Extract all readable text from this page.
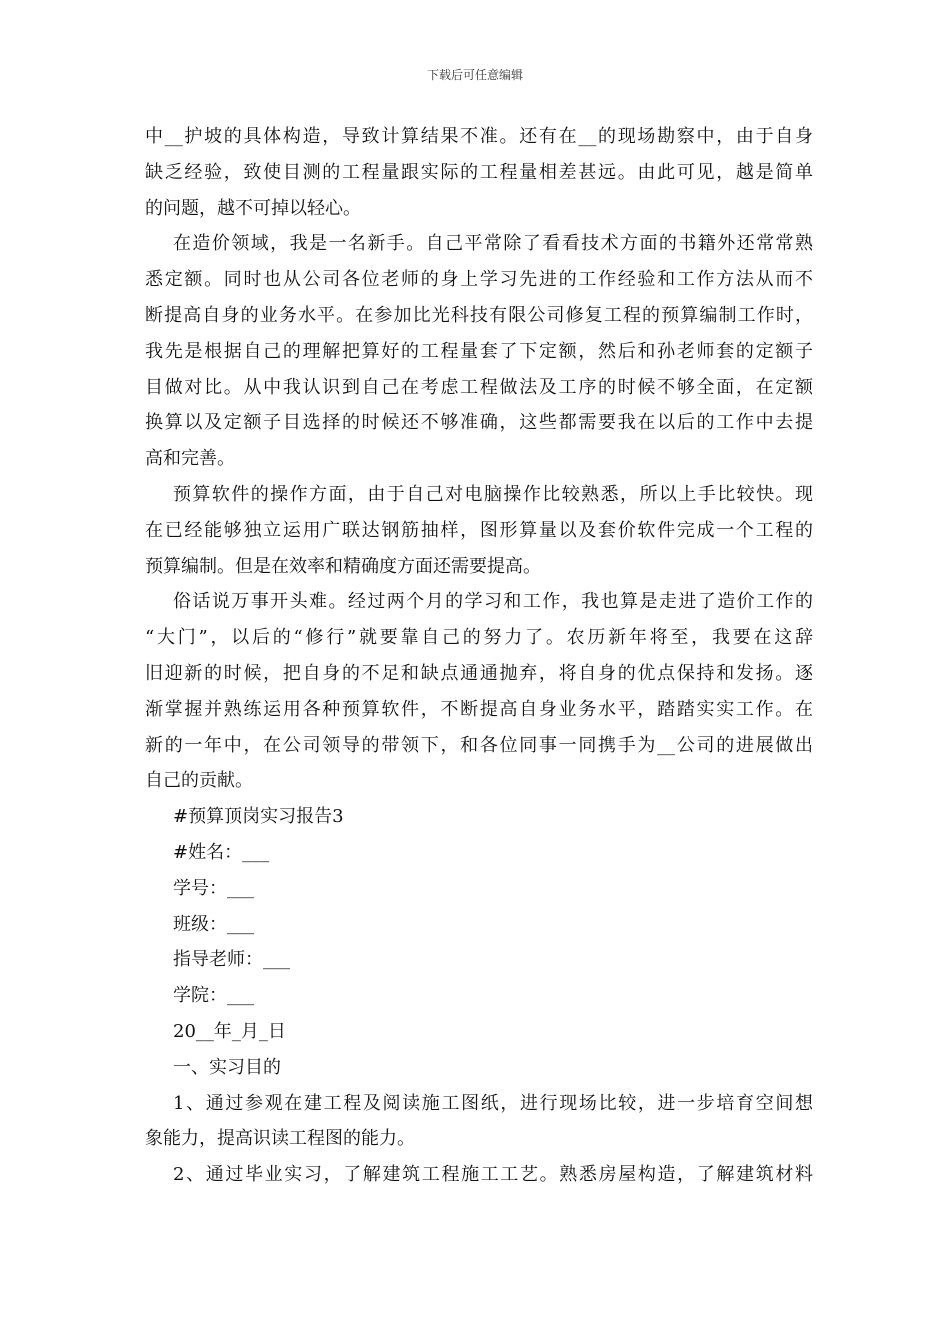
下载后可任意编辑
中__护坡的具体构造，导致计算结果不准。还有在__的现场勘察中，由于自身
缺乏经验，致使目测的工程量跟实际的工程量相差甚远。由此可见，越是简单
的问题，越不可掉以轻心。
在造价领域，我是一名新手。自己平常除了看看技术方面的书籍外还常常熟
悉定额。同时也从公司各位老师的身上学习先进的工作经验和工作方法从而不
断提高自身的业务水平。在参加比光科技有限公司修复工程的预算编制工作时，
我先是根据自己的理解把算好的工程量套了下定额，然后和孙老师套的定额子
目做对比。从中我认识到自己在考虑工程做法及工序的时候不够全面，在定额
换算以及定额子目选择的时候还不够准确，这些都需要我在以后的工作中去提
高和完善。
预算软件的操作方面，由于自己对电脑操作比较熟悉，所以上手比较快。现
在已经能够独立运用广联达钢筋抽样，图形算量以及套价软件完成一个工程的
预算编制。但是在效率和精确度方面还需要提高。
俗话说万事开头难。经过两个月的学习和工作，我也算是走进了造价工作的
“大门”，以后的“修行”就要靠自己的努力了。农历新年将至，我要在这辞
旧迎新的时候，把自身的不足和缺点通通抛弃，将自身的优点保持和发扬。逐
渐掌握并熟练运用各种预算软件，不断提高自身业务水平，踏踏实实工作。在
新的一年中，在公司领导的带领下，和各位同事一同携手为__公司的进展做出
自己的贡献。
#预算顶岗实习报告3
#姓名：___
学号：___
班级：___
指导老师：___
学院：___
20__年_月_日
一、实习目的
1、通过参观在建工程及阅读施工图纸，进行现场比较，进一步培育空间想
象能力，提高识读工程图的能力。
2、通过毕业实习，了解建筑工程施工工艺。熟悉房屋构造，了解建筑材料
